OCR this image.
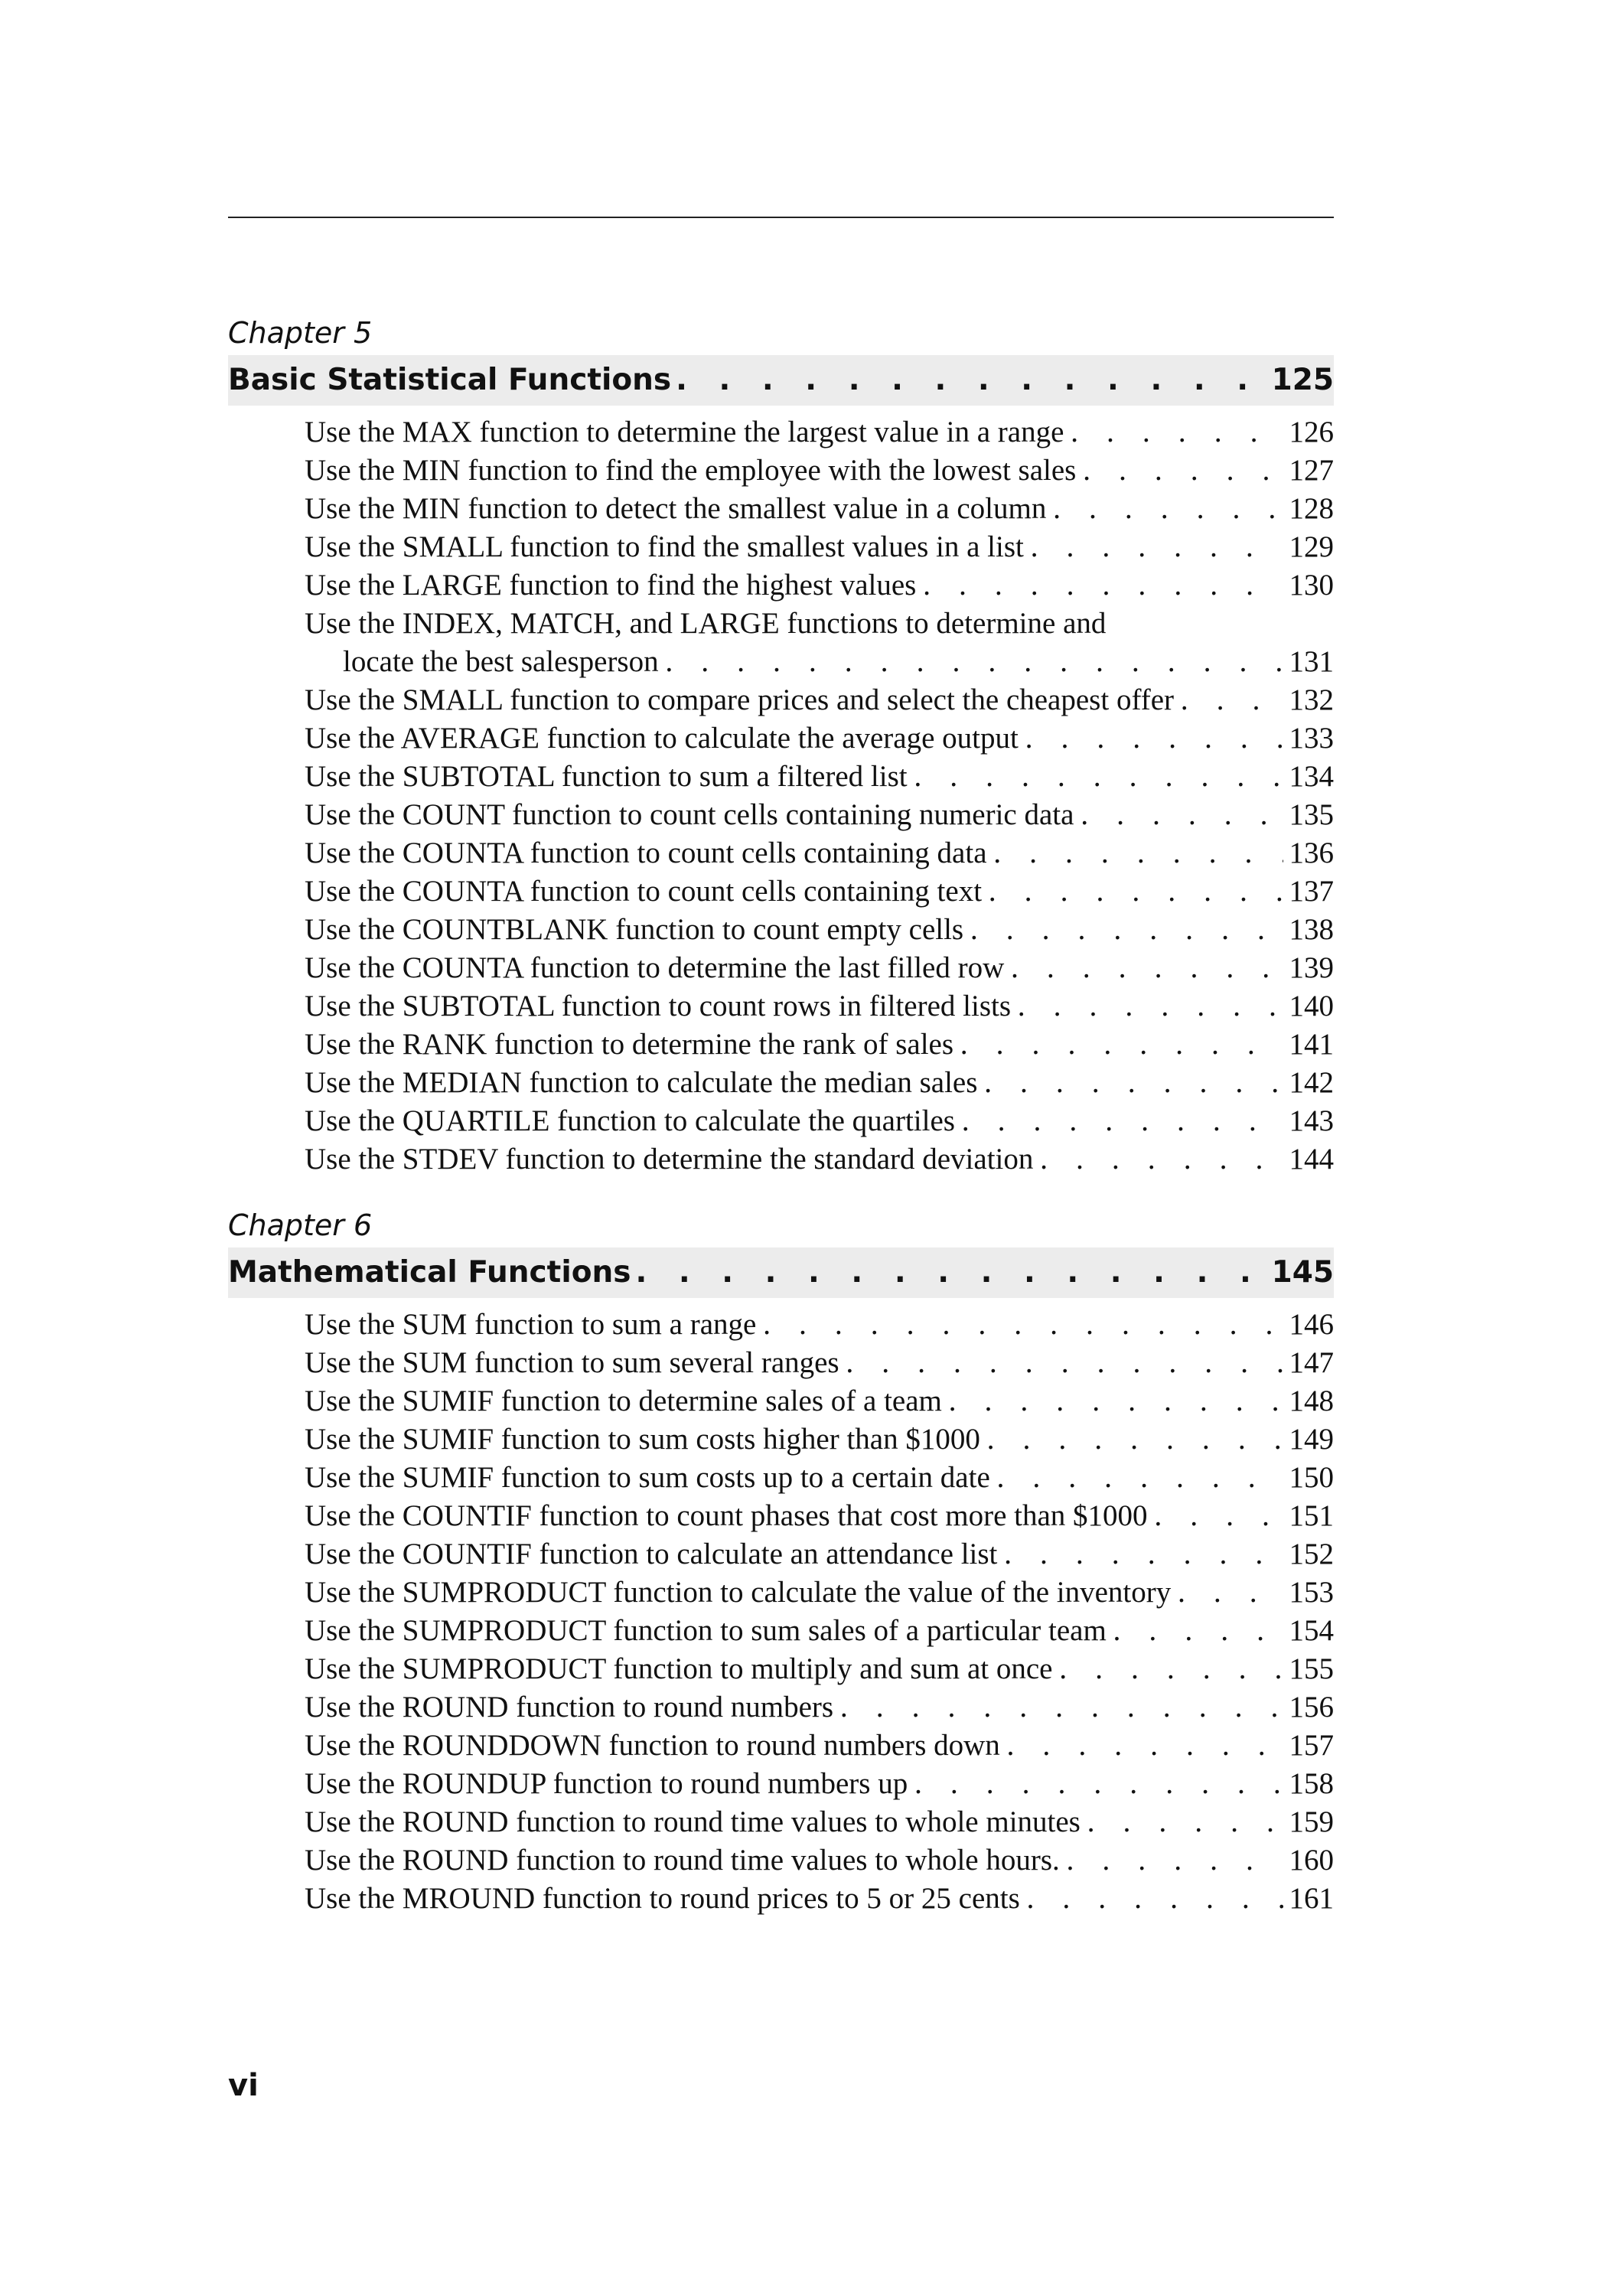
Chapter 5
Basic Statistical Functions . . .	125
Use the MAX function to determine the largest value in a range . . .	126
Use the MIN function to find the employee with the lowest sales . . .	127
Use the MIN function to detect the smallest value in a column . . .	128
Use the SMALL function to find the smallest values in a list . . .	129
Use the LARGE function to find the highest values . . .	130
Use the INDEX, MATCH, and LARGE functions to determine and
locate the best salesperson . . .	131
Use the SMALL function to compare prices and select the cheapest offer . . .	132
Use the AVERAGE function to calculate the average output . . .	133
Use the SUBTOTAL function to sum a filtered list . . .	134
Use the COUNT function to count cells containing numeric data . . .	135
Use the COUNTA function to count cells containing data . . .	136
Use the COUNTA function to count cells containing text . . .	137
Use the COUNTBLANK function to count empty cells . . .	138
Use the COUNTA function to determine the last filled row . . .	139
Use the SUBTOTAL function to count rows in filtered lists . . .	140
Use the RANK function to determine the rank of sales . . .	141
Use the MEDIAN function to calculate the median sales . . .	142
Use the QUARTILE function to calculate the quartiles . . .	143
Use the STDEV function to determine the standard deviation . . .	144
Chapter 6
Mathematical Functions . . .	145
Use the SUM function to sum a range . . .	146
Use the SUM function to sum several ranges . . .	147
Use the SUMIF function to determine sales of a team . . .	148
Use the SUMIF function to sum costs higher than $1000 . . .	149
Use the SUMIF function to sum costs up to a certain date . . .	150
Use the COUNTIF function to count phases that cost more than $1000 . . .	151
Use the COUNTIF function to calculate an attendance list . . .	152
Use the SUMPRODUCT function to calculate the value of the inventory . . .	153
Use the SUMPRODUCT function to sum sales of a particular team . . .	154
Use the SUMPRODUCT function to multiply and sum at once . . .	155
Use the ROUND function to round numbers . . .	156
Use the ROUNDDOWN function to round numbers down . . .	157
Use the ROUNDUP function to round numbers up . . .	158
Use the ROUND function to round time values to whole minutes . . .	159
Use the ROUND function to round time values to whole hours. . . .	160
Use the MROUND function to round prices to 5 or 25 cents . . .	161
vi
